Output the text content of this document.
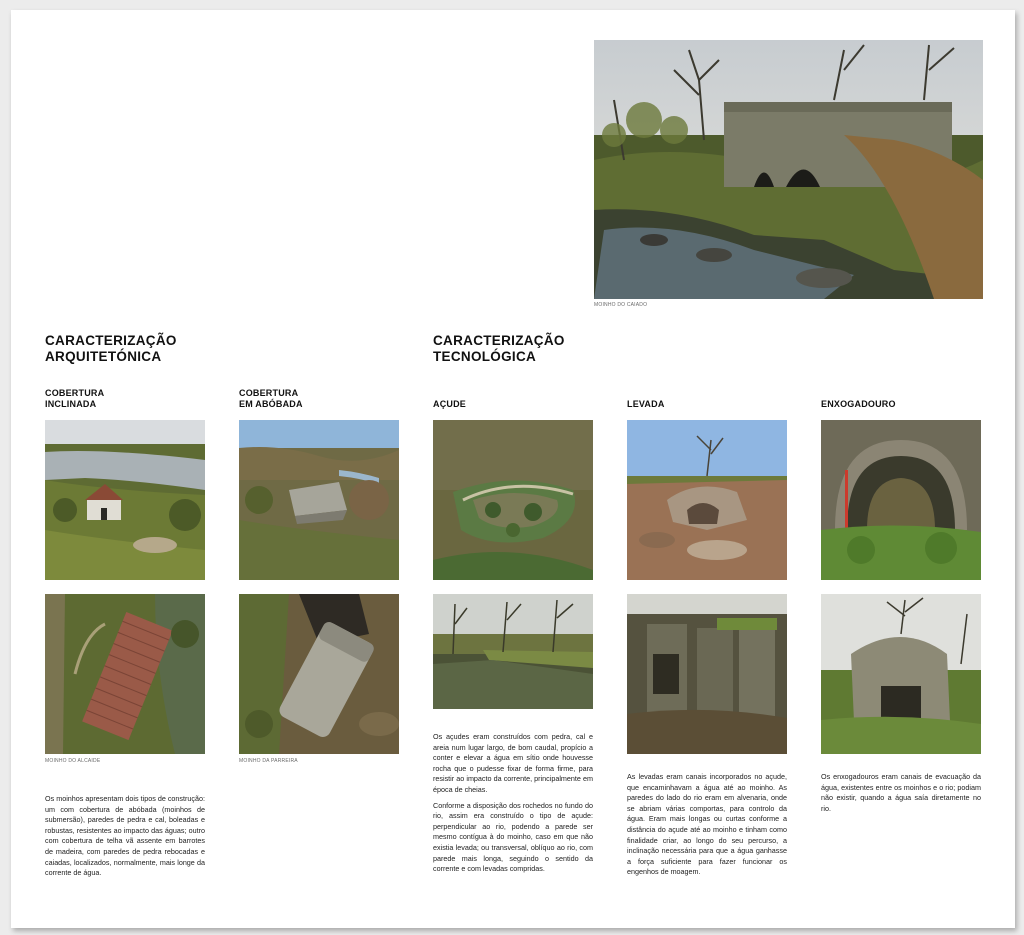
MOINHO DO CAIADO
CARACTERIZAÇÃO
ARQUITETÓNICA
CARACTERIZAÇÃO
TECNOLÓGICA
COBERTURA
INCLINADA
COBERTURA
EM ABÓBADA	AÇUDE	LEVADA	ENXOGADOURO
MOINHO DO ALCAIDE	MOINHO DA PARREIRA

Os moinhos apresentam dois tipos de construção: um com cobertura de abóbada (moinhos de submersão), paredes de pedra e cal, boleadas e robustas, resistentes ao impacto das águas; outro com cobertura de telha vã assente em barrotes de madeira, com paredes de pedra rebocadas e caiadas, localizados, normalmente, mais longe da corrente de água.

Os açudes eram construídos com pedra, cal e areia num lugar largo, de bom caudal, propício a conter e elevar a água em sítio onde houvesse rocha que o pudesse fixar de forma firme, para resistir ao impacto da corrente, principalmente em época de cheias.

Conforme a disposição dos rochedos no fundo do rio, assim era construído o tipo de açude: perpendicular ao rio, podendo a parede ser mesmo contígua à do moinho, caso em que não existia levada; ou transversal, oblíquo ao rio, com parede mais longa, seguindo o sentido da corrente e com levadas compridas.

As levadas eram canais incorporados no açude, que encaminhavam a água até ao moinho. As paredes do lado do rio eram em alvenaria, onde se abriam várias comportas, para controlo da água. Eram mais longas ou curtas conforme a distância do açude até ao moinho e tinham como finalidade criar, ao longo do seu percurso, a inclinação necessária para que a água ganhasse a força suficiente para fazer funcionar os engenhos de moagem.

Os enxogadouros eram canais de evacuação da água, existentes entre os moinhos e o rio; podiam não existir, quando a água saía diretamente no rio.
